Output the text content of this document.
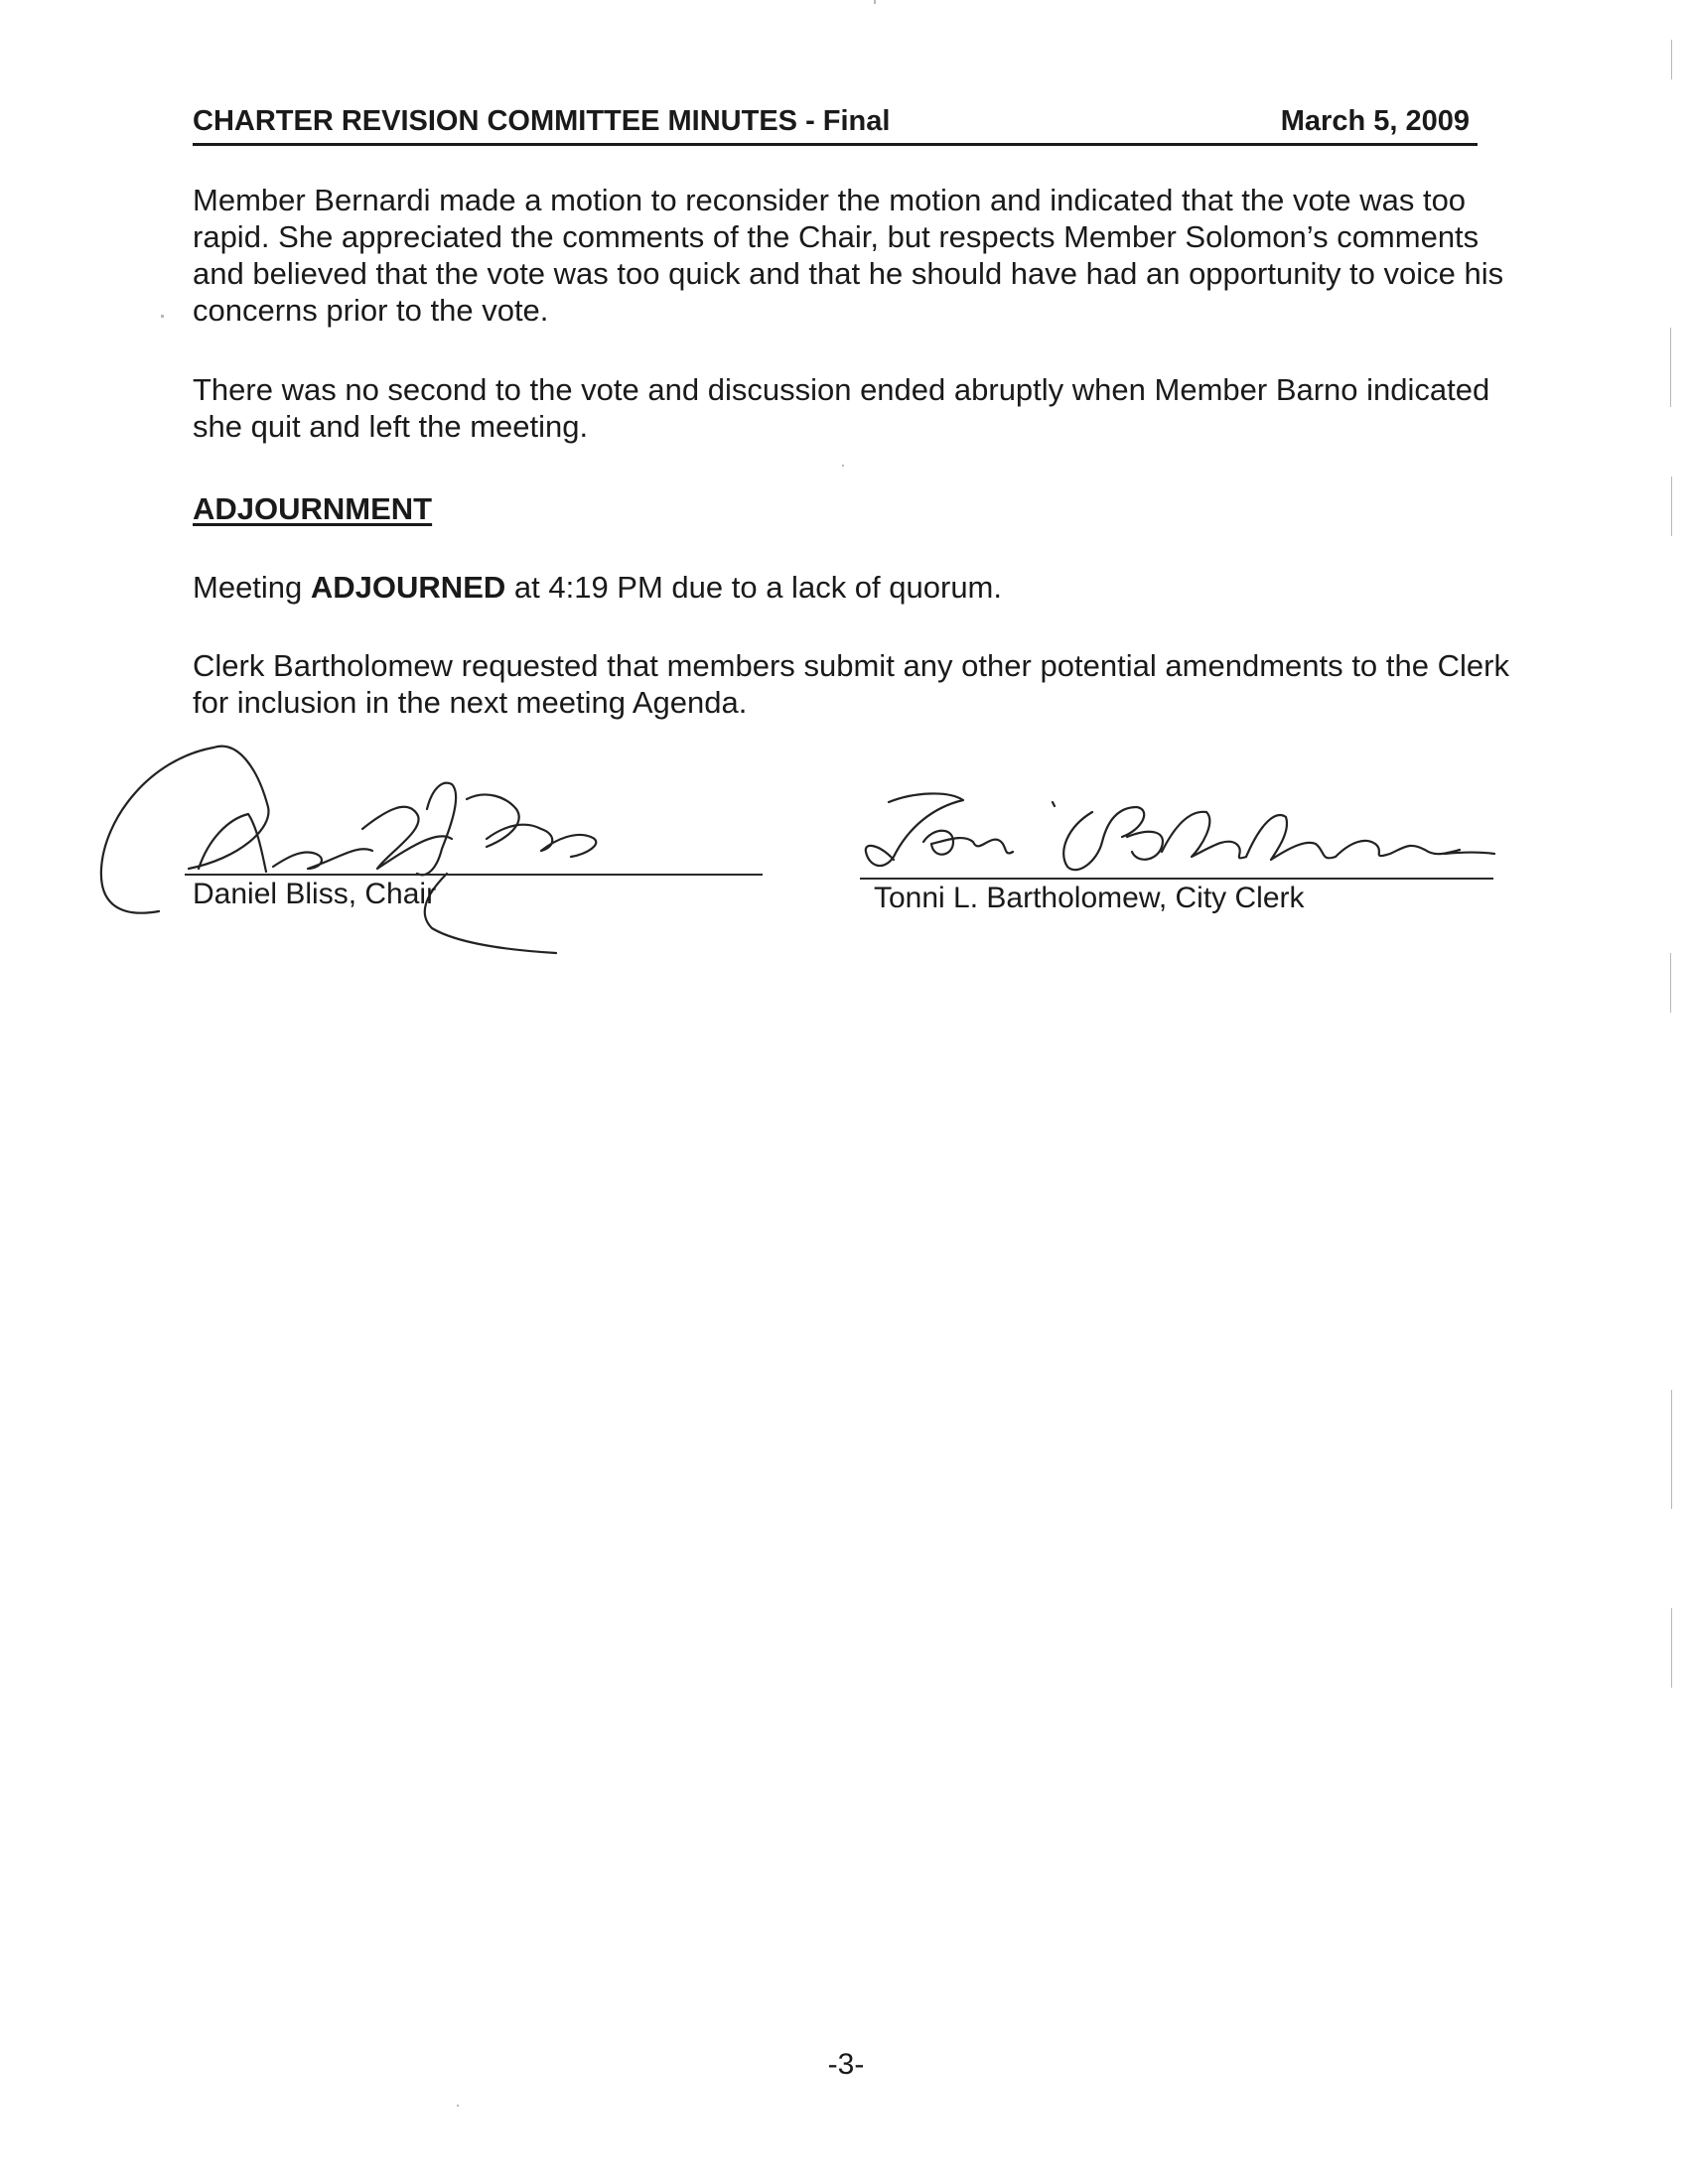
CHARTER REVISION COMMITTEE MINUTES - Final	March 5, 2009

Member Bernardi made a motion to reconsider the motion and indicated that the vote was too rapid. She appreciated the comments of the Chair, but respects Member Solomon’s comments and believed that the vote was too quick and that he should have had an opportunity to voice his concerns prior to the vote.

There was no second to the vote and discussion ended abruptly when Member Barno indicated she quit and left the meeting.

ADJOURNMENT

Meeting ADJOURNED at 4:19 PM due to a lack of quorum.

Clerk Bartholomew requested that members submit any other potential amendments to the Clerk for inclusion in the next meeting Agenda.

Daniel Bliss, Chair	Tonni L. Bartholomew, City Clerk
-3-
